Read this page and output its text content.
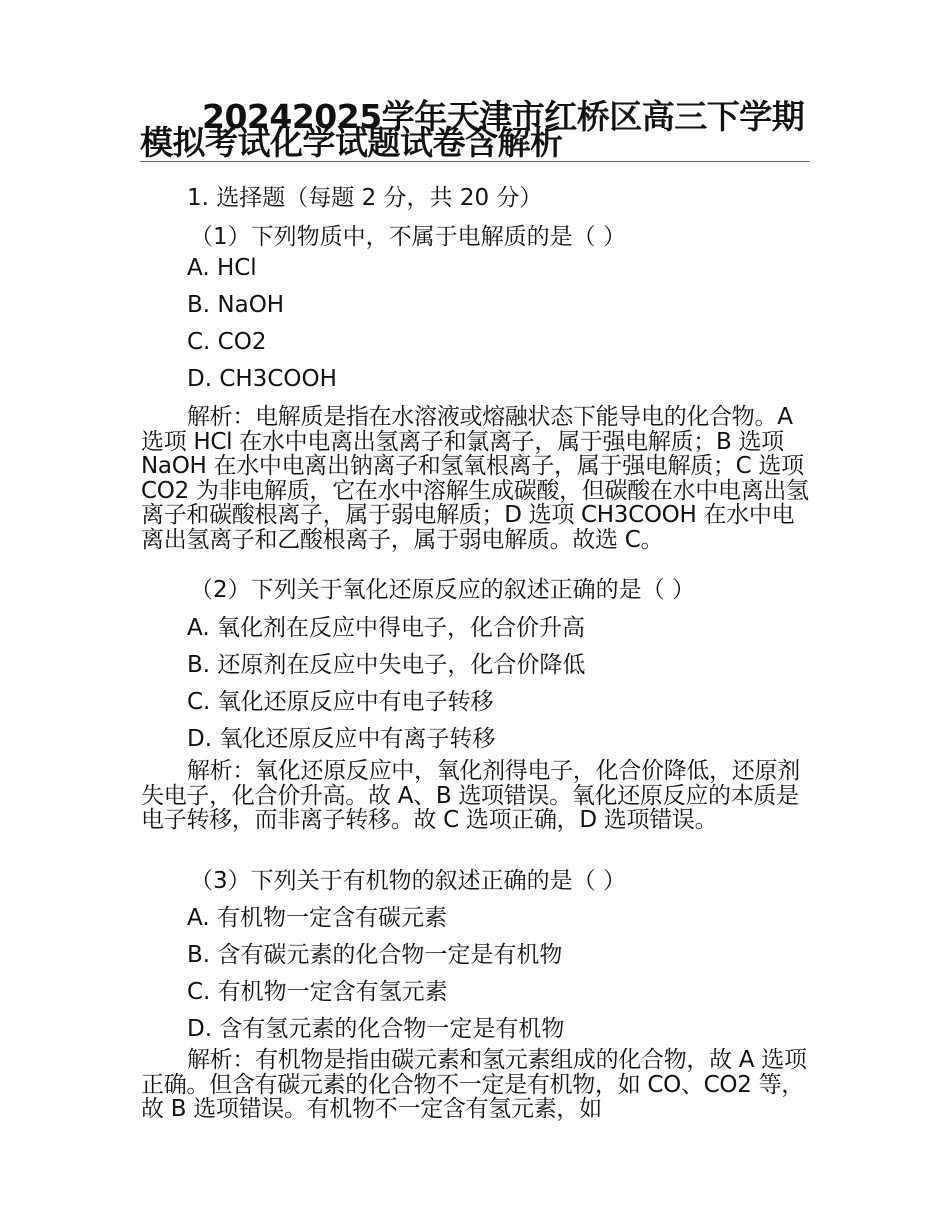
20242025学年天津市红桥区高三下学期模拟考试化学试题试卷含解析
1. 选择题（每题 2 分，共 20 分）
（1）下列物质中，不属于电解质的是（ ）
A. HCl
B. NaOH
C. CO2
D. CH3COOH
解析：电解质是指在水溶液或熔融状态下能导电的化合物。A 选项 HCl 在水中电离出氢离子和氯离子，属于强电解质；B 选项 NaOH 在水中电离出钠离子和氢氧根离子，属于强电解质；C 选项 CO2 为非电解质，它在水中溶解生成碳酸，但碳酸在水中电离出氢离子和碳酸根离子，属于弱电解质；D 选项 CH3COOH 在水中电离出氢离子和乙酸根离子，属于弱电解质。故选 C。
（2）下列关于氧化还原反应的叙述正确的是（ ）
A. 氧化剂在反应中得电子，化合价升高
B. 还原剂在反应中失电子，化合价降低
C. 氧化还原反应中有电子转移
D. 氧化还原反应中有离子转移
解析：氧化还原反应中，氧化剂得电子，化合价降低，还原剂失电子，化合价升高。故 A、B 选项错误。氧化还原反应的本质是电子转移，而非离子转移。故 C 选项正确，D 选项错误。
（3）下列关于有机物的叙述正确的是（ ）
A. 有机物一定含有碳元素
B. 含有碳元素的化合物一定是有机物
C. 有机物一定含有氢元素
D. 含有氢元素的化合物一定是有机物
解析：有机物是指由碳元素和氢元素组成的化合物，故 A 选项正确。但含有碳元素的化合物不一定是有机物，如 CO、CO2 等，故 B 选项错误。有机物不一定含有氢元素，如
